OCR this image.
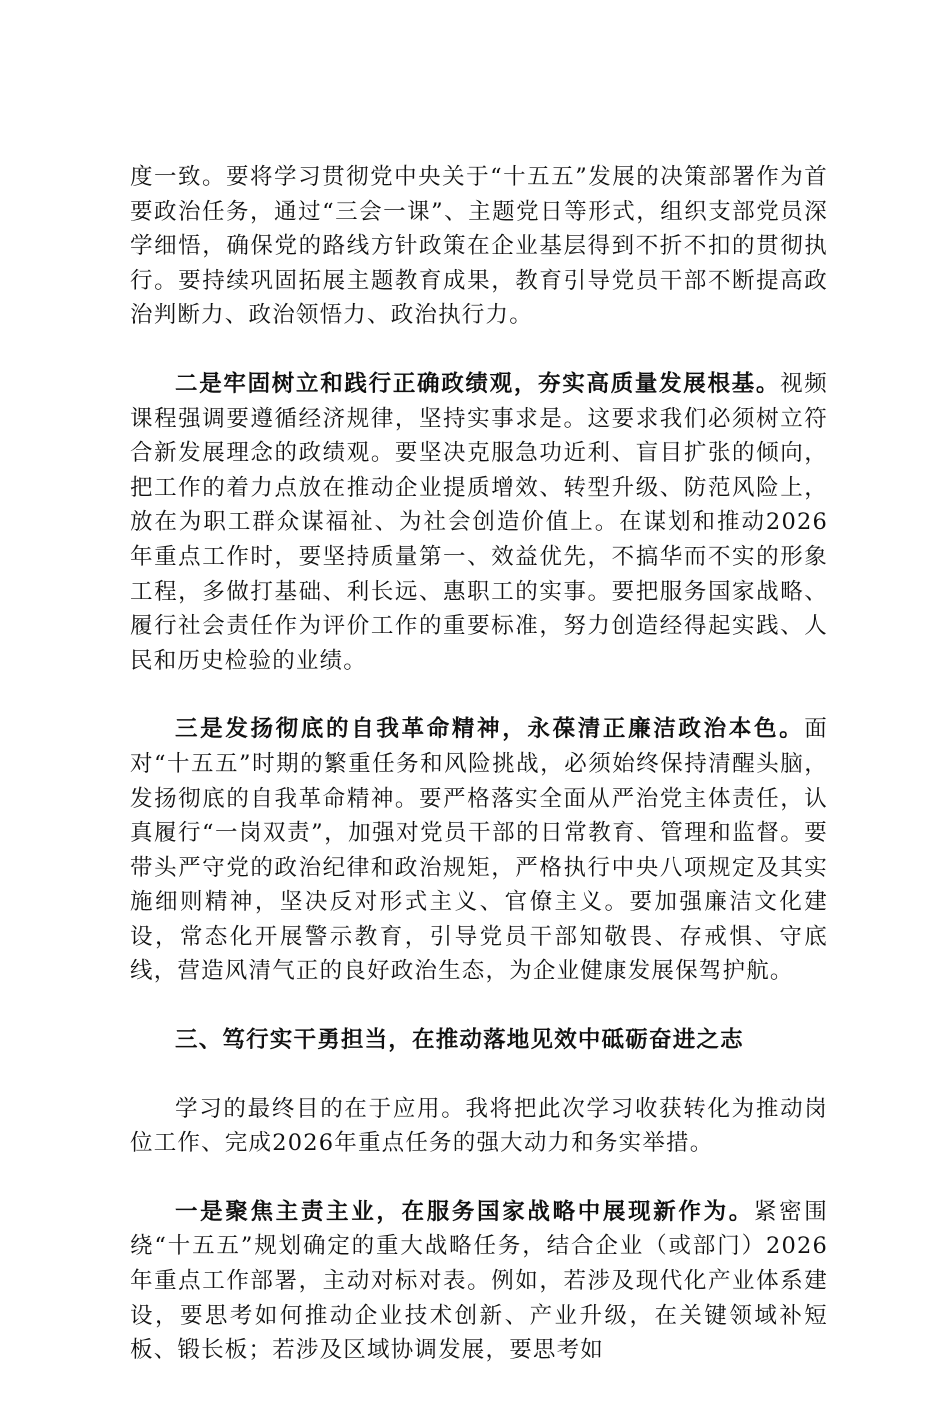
度一致。要将学习贯彻党中央关于“十五五”发展的决策部署作为首要政治任务，通过“三会一课”、主题党日等形式，组织支部党员深学细悟，确保党的路线方针政策在企业基层得到不折不扣的贯彻执行。要持续巩固拓展主题教育成果，教育引导党员干部不断提高政治判断力、政治领悟力、政治执行力。

二是牢固树立和践行正确政绩观，夯实高质量发展根基。视频课程强调要遵循经济规律，坚持实事求是。这要求我们必须树立符合新发展理念的政绩观。要坚决克服急功近利、盲目扩张的倾向，把工作的着力点放在推动企业提质增效、转型升级、防范风险上，放在为职工群众谋福祉、为社会创造价值上。在谋划和推动2026年重点工作时，要坚持质量第一、效益优先，不搞华而不实的形象工程，多做打基础、利长远、惠职工的实事。要把服务国家战略、履行社会责任作为评价工作的重要标准，努力创造经得起实践、人民和历史检验的业绩。

三是发扬彻底的自我革命精神，永葆清正廉洁政治本色。面对“十五五”时期的繁重任务和风险挑战，必须始终保持清醒头脑，发扬彻底的自我革命精神。要严格落实全面从严治党主体责任，认真履行“一岗双责”，加强对党员干部的日常教育、管理和监督。要带头严守党的政治纪律和政治规矩，严格执行中央八项规定及其实施细则精神，坚决反对形式主义、官僚主义。要加强廉洁文化建设，常态化开展警示教育，引导党员干部知敬畏、存戒惧、守底线，营造风清气正的良好政治生态，为企业健康发展保驾护航。

三、笃行实干勇担当，在推动落地见效中砥砺奋进之志

学习的最终目的在于应用。我将把此次学习收获转化为推动岗位工作、完成2026年重点任务的强大动力和务实举措。

一是聚焦主责主业，在服务国家战略中展现新作为。紧密围绕“十五五”规划确定的重大战略任务，结合企业（或部门）2026年重点工作部署，主动对标对表。例如，若涉及现代化产业体系建设，要思考如何推动企业技术创新、产业升级，在关键领域补短板、锻长板；若涉及区域协调发展，要思考如
